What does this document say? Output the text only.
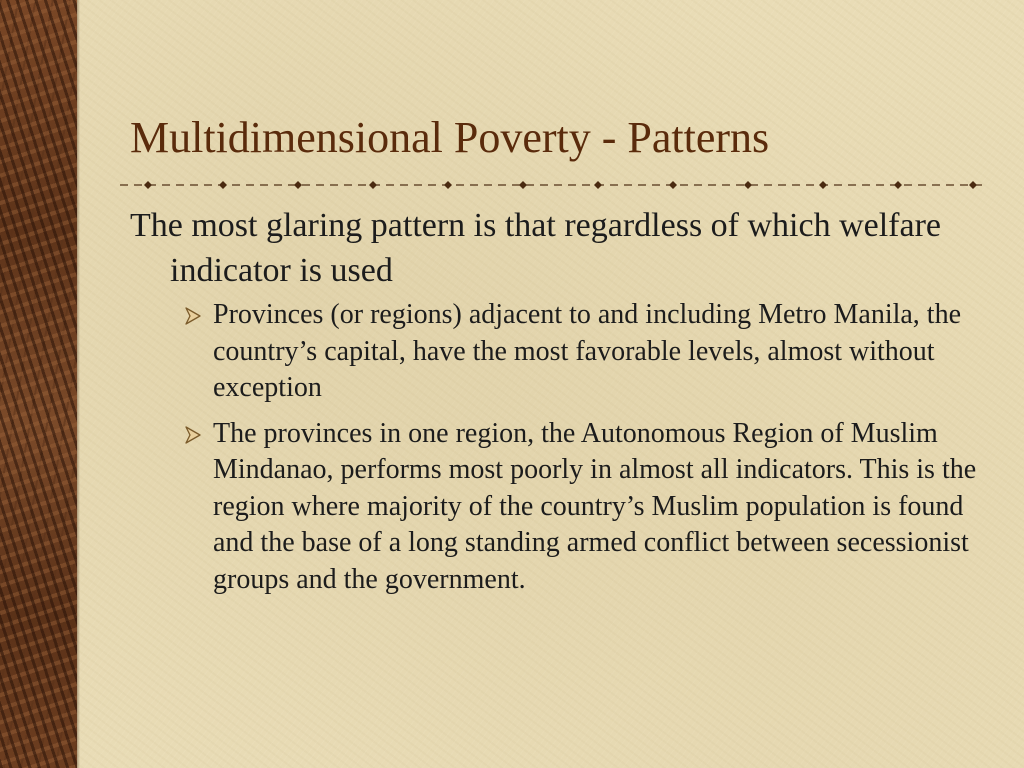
Multidimensional Poverty - Patterns

The most glaring pattern is that regardless of which welfare indicator is used

Provinces (or regions) adjacent to and including Metro Manila, the country’s capital, have the most favorable levels, almost without exception
The provinces in one region, the Autonomous Region of Muslim Mindanao, performs most poorly in almost all indicators. This is the region where majority of the country’s Muslim population is found and the base of a long standing armed conflict between secessionist groups and the government.
